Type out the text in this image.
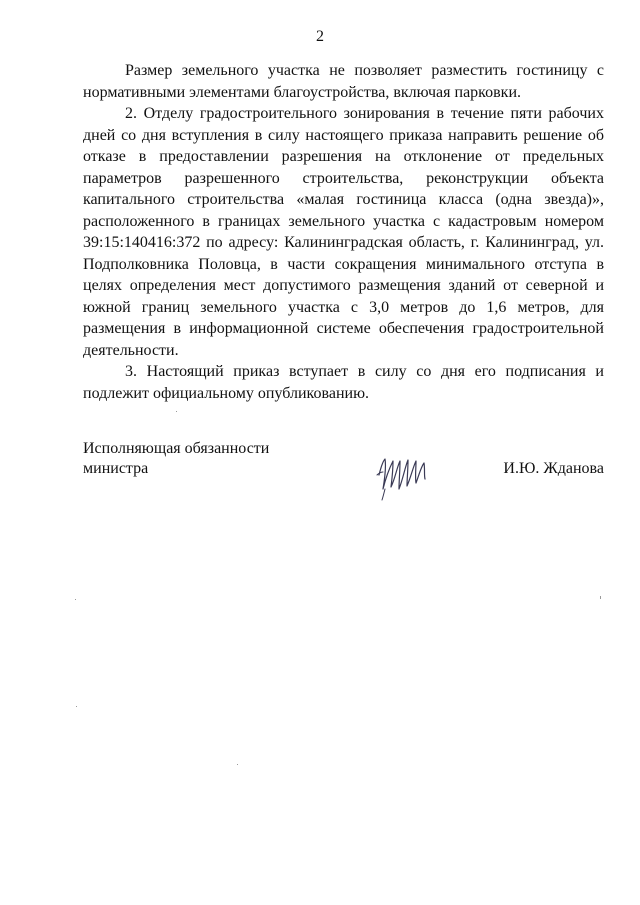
2

Размер земельного участка не позволяет разместить гостиницу с нормативными элементами благоустройства, включая парковки.

2. Отделу градостроительного зонирования в течение пяти рабочих дней со дня вступления в силу настоящего приказа направить решение об отказе в предоставлении разрешения на отклонение от предельных параметров разрешенного строительства, реконструкции объекта капитального строительства «малая гостиница класса (одна звезда)», расположенного в границах земельного участка с кадастровым номером 39:15:140416:372 по адресу: Калининградская область, г. Калининград, ул. Подполковника Половца, в части сокращения минимального отступа в целях определения мест допустимого размещения зданий от северной и южной границ земельного участка с 3,0 метров до 1,6 метров, для размещения в информационной системе обеспечения градостроительной деятельности.

3. Настоящий приказ вступает в силу со дня его подписания и подлежит официальному опубликованию.

Исполняющая обязанности
министра	И.Ю. Жданова
